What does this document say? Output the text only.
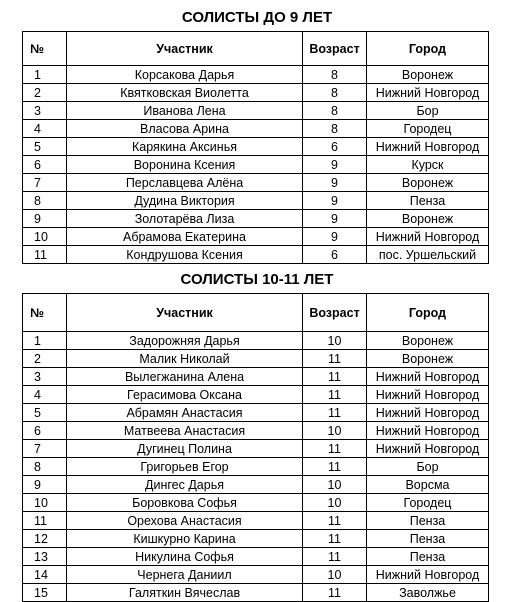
СОЛИСТЫ ДО 9 ЛЕТ
№	Участник	Возраст	Город
1	Корсакова Дарья	8	Воронеж
2	Квятковская Виолетта	8	Нижний Новгород
3	Иванова Лена	8	Бор
4	Власова Арина	8	Городец
5	Карякина Аксинья	6	Нижний Новгород
6	Воронина Ксения	9	Курск
7	Перславцева Алёна	9	Воронеж
8	Дудина Виктория	9	Пенза
9	Золотарёва Лиза	9	Воронеж
10	Абрамова Екатерина	9	Нижний Новгород
11	Кондрушова Ксения	6	пос. Уршельский
СОЛИСТЫ 10-11 ЛЕТ
№	Участник	Возраст	Город
1	Задорожняя Дарья	10	Воронеж
2	Малик Николай	11	Воронеж
3	Вылегжанина Алена	11	Нижний Новгород
4	Герасимова Оксана	11	Нижний Новгород
5	Абрамян Анастасия	11	Нижний Новгород
6	Матвеева Анастасия	10	Нижний Новгород
7	Дугинец Полина	11	Нижний Новгород
8	Григорьев Егор	11	Бор
9	Дингес Дарья	10	Ворсма
10	Боровкова Софья	10	Городец
11	Орехова Анастасия	11	Пенза
12	Кишкурно Карина	11	Пенза
13	Никулина Софья	11	Пенза
14	Чернега Даниил	10	Нижний Новгород
15	Галяткин Вячеслав	11	Заволжье
